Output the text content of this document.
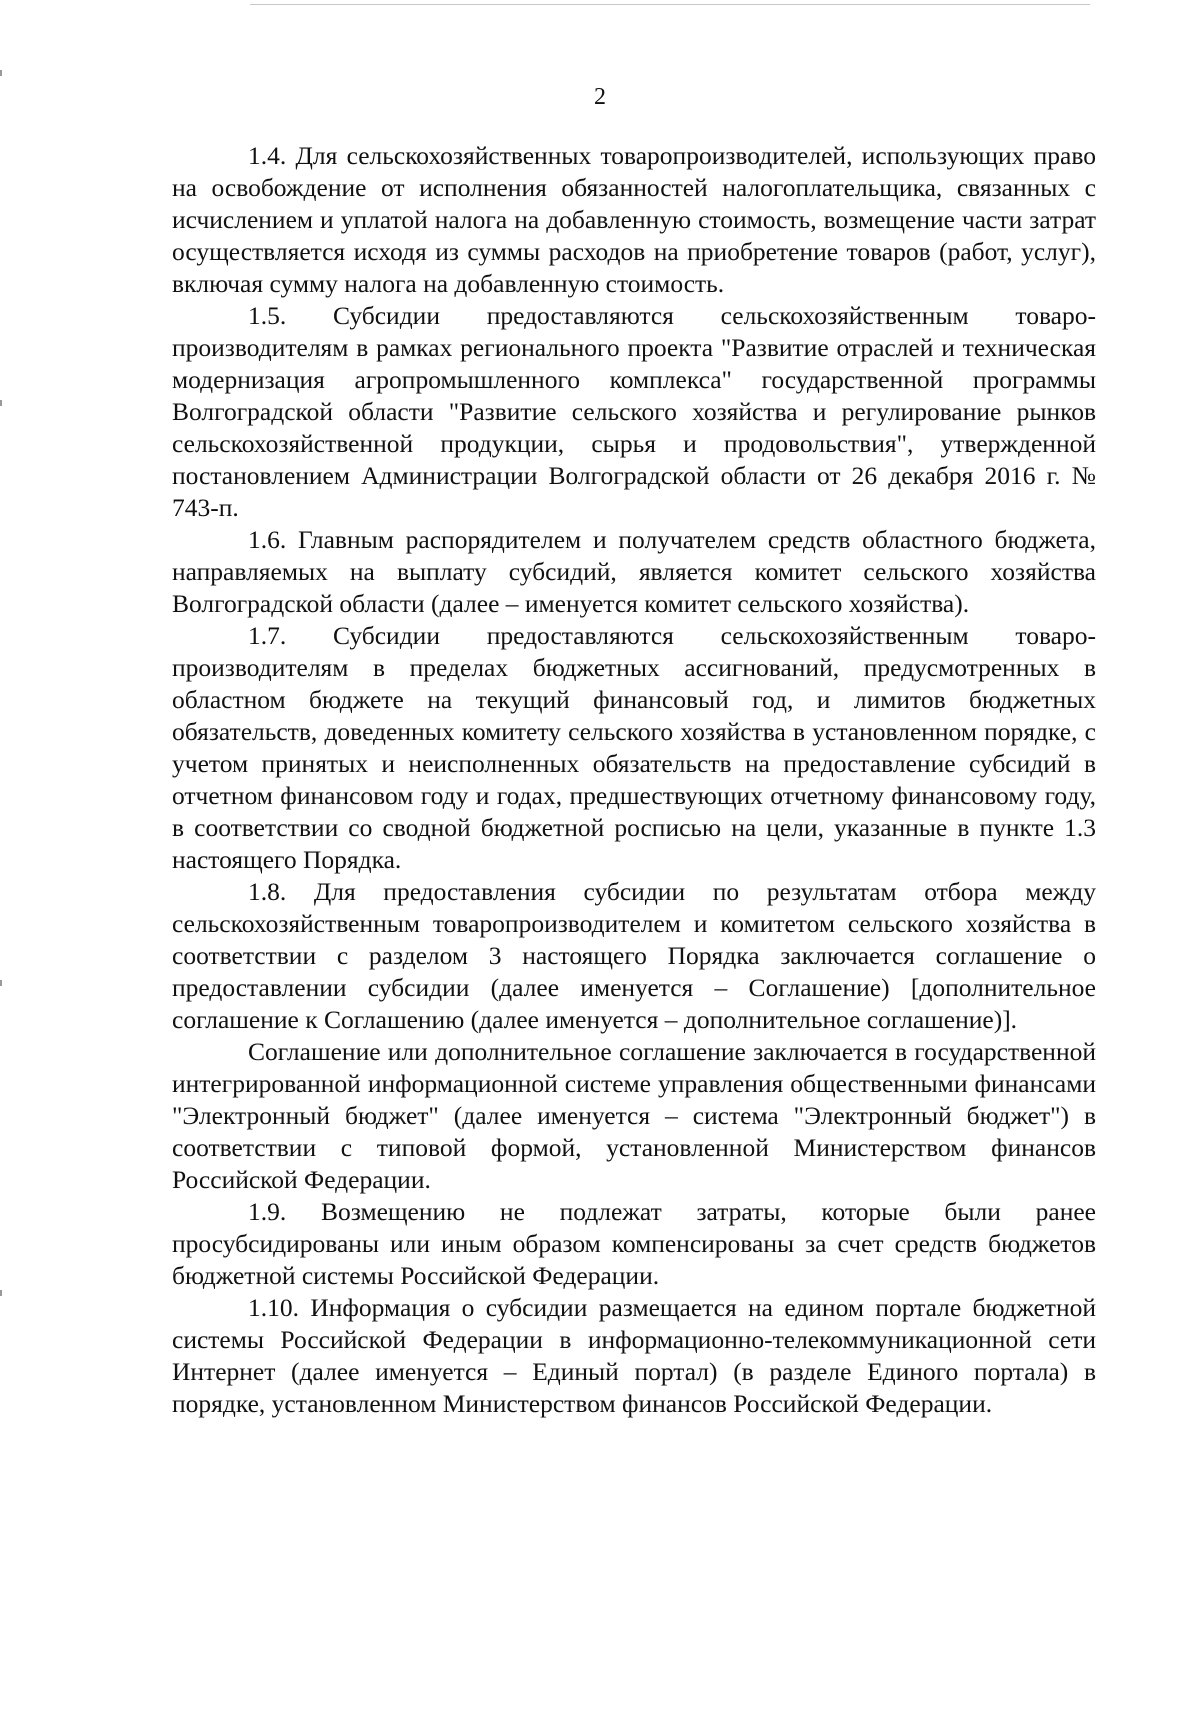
2

1.4. Для сельскохозяйственных товаропроизводителей, использующих право на освобождение от исполнения обязанностей налогоплательщика, связанных с исчислением и уплатой налога на добавленную стоимость, возмещение части затрат осуществляется исходя из суммы расходов на приобретение товаров (работ, услуг), включая сумму налога на добавленную стоимость.

1.5. Субсидии предоставляются сельскохозяйственным товаропроизводителям в рамках регионального проекта "Развитие отраслей и техническая модернизация агропромышленного комплекса" государственной программы Волгоградской области "Развитие сельского хозяйства и регулирование рынков сельскохозяйственной продукции, сырья и продовольствия", утвержденной постановлением Администрации Волгоградской области от 26 декабря 2016 г. № 743-п.

1.6. Главным распорядителем и получателем средств областного бюджета, направляемых на выплату субсидий, является комитет сельского хозяйства Волгоградской области (далее – именуется комитет сельского хозяйства).

1.7. Субсидии предоставляются сельскохозяйственным товаропроизводителям в пределах бюджетных ассигнований, предусмотренных в областном бюджете на текущий финансовый год, и лимитов бюджетных обязательств, доведенных комитету сельского хозяйства в установленном порядке, с учетом принятых и неисполненных обязательств на предоставление субсидий в отчетном финансовом году и годах, предшествующих отчетному финансовому году, в соответствии со сводной бюджетной росписью на цели, указанные в пункте 1.3 настоящего Порядка.

1.8. Для предоставления субсидии по результатам отбора между сельскохозяйственным товаропроизводителем и комитетом сельского хозяйства в соответствии с разделом 3 настоящего Порядка заключается соглашение о предоставлении субсидии (далее именуется – Соглашение) [дополнительное соглашение к Соглашению (далее именуется – дополнительное соглашение)].

Соглашение или дополнительное соглашение заключается в государственной интегрированной информационной системе управления общественными финансами "Электронный бюджет" (далее именуется – система "Электронный бюджет") в соответствии с типовой формой, установленной Министерством финансов Российской Федерации.

1.9. Возмещению не подлежат затраты, которые были ранее просубсидированы или иным образом компенсированы за счет средств бюджетов бюджетной системы Российской Федерации.

1.10. Информация о субсидии размещается на едином портале бюджетной системы Российской Федерации в информационно-телекоммуникационной сети Интернет (далее именуется – Единый портал) (в разделе Единого портала) в порядке, установленном Министерством финансов Российской Федерации.
